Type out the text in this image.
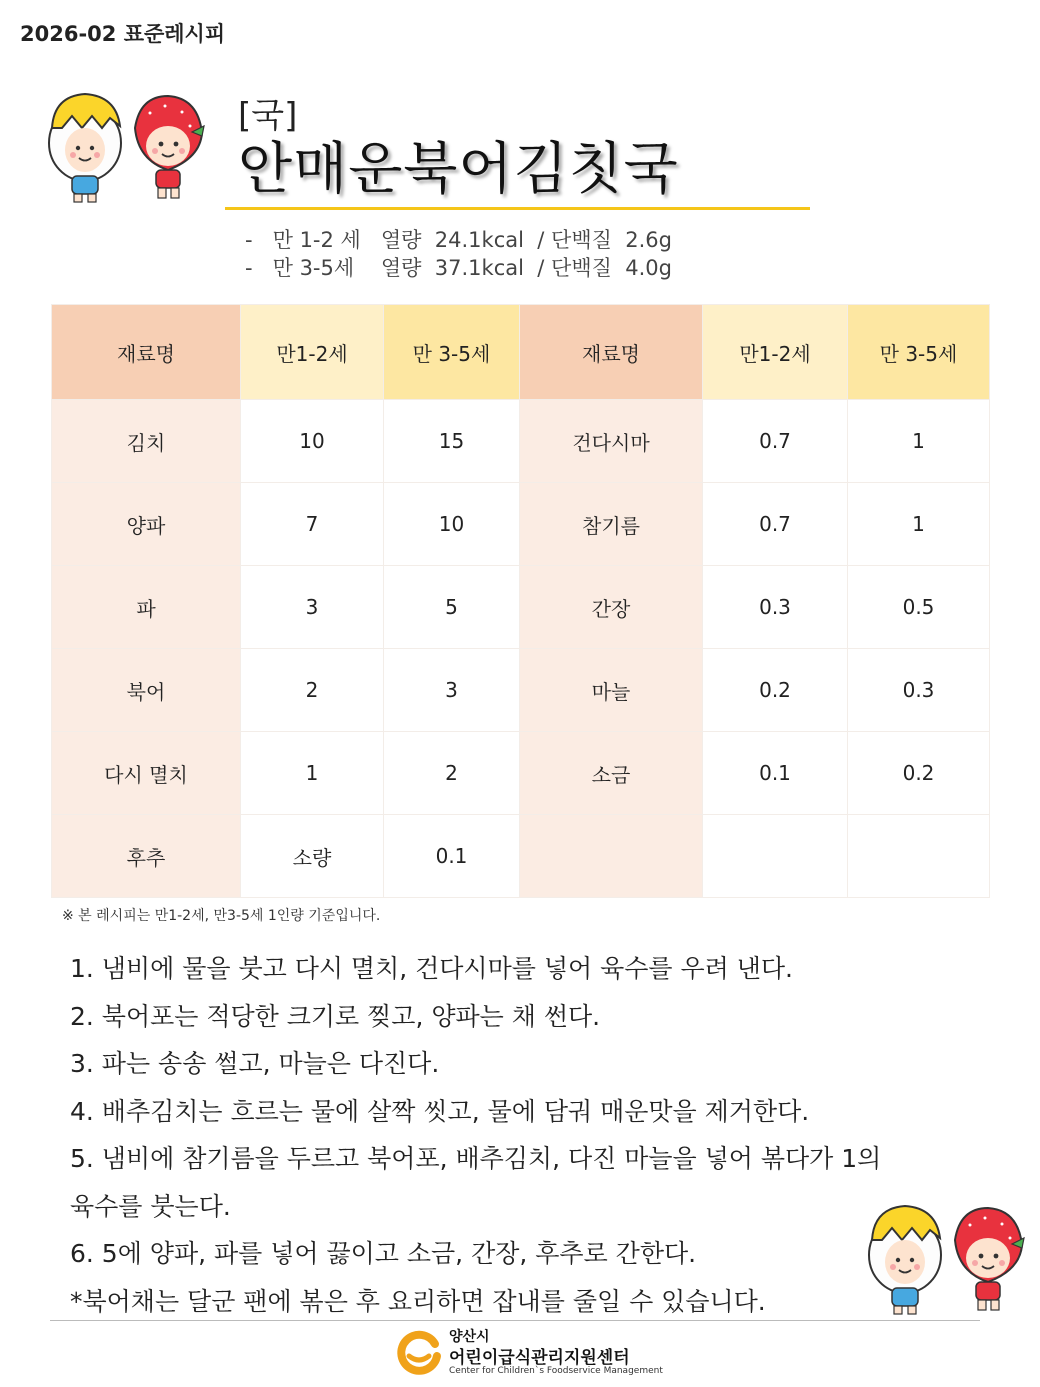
2026-02 표준레시피
[국]
안매운북어김칫국
-   만 1-2 세   열량  24.1kcal  / 단백질  2.6g
-   만 3-5세    열량  37.1kcal  / 단백질  4.0g
재료명	만1-2세	만 3-5세	재료명	만1-2세	만 3-5세
김치	10	15	건다시마	0.7	1
양파	7	10	참기름	0.7	1
파	3	5	간장	0.3	0.5
북어	2	3	마늘	0.2	0.3
다시 멸치	1	2	소금	0.1	0.2
후추	소량	0.1			
※ 본 레시피는 만1-2세, 만3-5세 1인량 기준입니다.
1. 냄비에 물을 붓고 다시 멸치, 건다시마를 넣어 육수를 우려 낸다.
2. 북어포는 적당한 크기로 찢고, 양파는 채 썬다.
3. 파는 송송 썰고, 마늘은 다진다.
4. 배추김치는 흐르는 물에 살짝 씻고, 물에 담궈 매운맛을 제거한다.
5. 냄비에 참기름을 두르고 북어포, 배추김치, 다진 마늘을 넣어 볶다가 1의
육수를 붓는다.
6. 5에 양파, 파를 넣어 끓이고 소금, 간장, 후추로 간한다.
*북어채는 달군 팬에 볶은 후 요리하면 잡내를 줄일 수 있습니다.
양산시
어린이급식관리지원센터
Center for Children`s Foodservice Management
